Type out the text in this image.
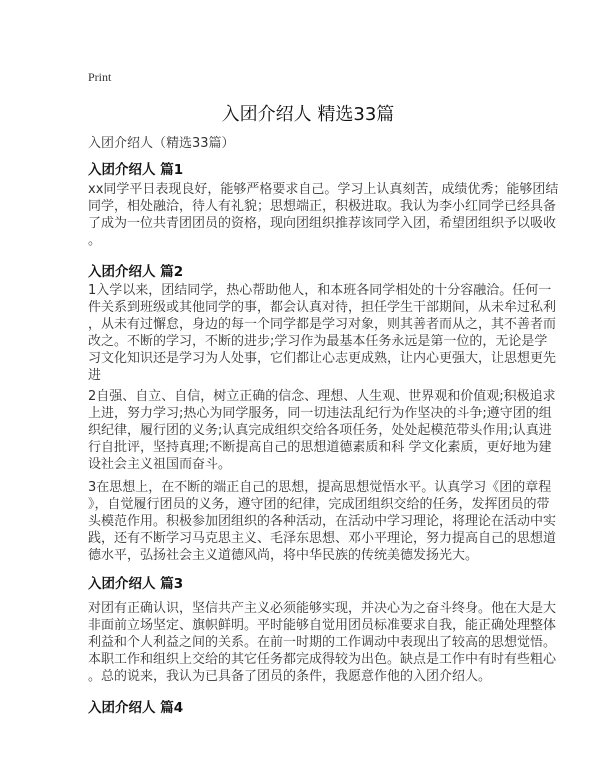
Print
入团介绍人 精选33篇
入团介绍人（精选33篇）
入团介绍人 篇1
xx同学平日表现良好，能够严格要求自己。学习上认真刻苦，成绩优秀；能够团结
同学，相处融洽，待人有礼貌；思想端正，积极进取。我认为李小红同学已经具备
了成为一位共青团团员的资格，现向团组织推荐该同学入团，希望团组织予以吸收
。
入团介绍人 篇2
1入学以来，团结同学，热心帮助他人，和本班各同学相处的十分容融洽。任何一
件关系到班级或其他同学的事，都会认真对待，担任学生干部期间，从未牟过私利
，从未有过懈怠，身边的每一个同学都是学习对象，则其善者而从之，其不善者而
改之。不断的学习，不断的进步;学习作为最基本任务永远是第一位的，无论是学
习文化知识还是学习为人处事，它们都让心志更成熟，让内心更强大，让思想更先
进
2自强、自立、自信，树立正确的信念、理想、人生观、世界观和价值观;积极追求
上进，努力学习;热心为同学服务，同一切违法乱纪行为作坚决的斗争;遵守团的组
织纪律，履行团的义务;认真完成组织交给各项任务，处处起模范带头作用;认真进
行自批评，坚持真理;不断提高自己的思想道德素质和科 学文化素质，更好地为建
设社会主义祖国而奋斗。
3在思想上，在不断的端正自己的思想，提高思想觉悟水平。认真学习《团的章程
》，自觉履行团员的义务，遵守团的纪律，完成团组织交给的任务，发挥团员的带
头模范作用。积极参加团组织的各种活动，在活动中学习理论，将理论在活动中实
践，还有不断学习马克思主义、毛泽东思想、邓小平理论，努力提高自己的思想道
德水平，弘扬社会主义道德风尚，将中华民族的传统美德发扬光大。
入团介绍人 篇3
对团有正确认识，坚信共产主义必须能够实现，并决心为之奋斗终身。他在大是大
非面前立场坚定、旗帜鲜明。平时能够自觉用团员标准要求自我，能正确处理整体
利益和个人利益之间的关系。在前一时期的工作调动中表现出了较高的思想觉悟。
本职工作和组织上交给的其它任务都完成得较为出色。缺点是工作中有时有些粗心
。总的说来，我认为已具备了团员的条件，我愿意作他的入团介绍人。
入团介绍人 篇4
